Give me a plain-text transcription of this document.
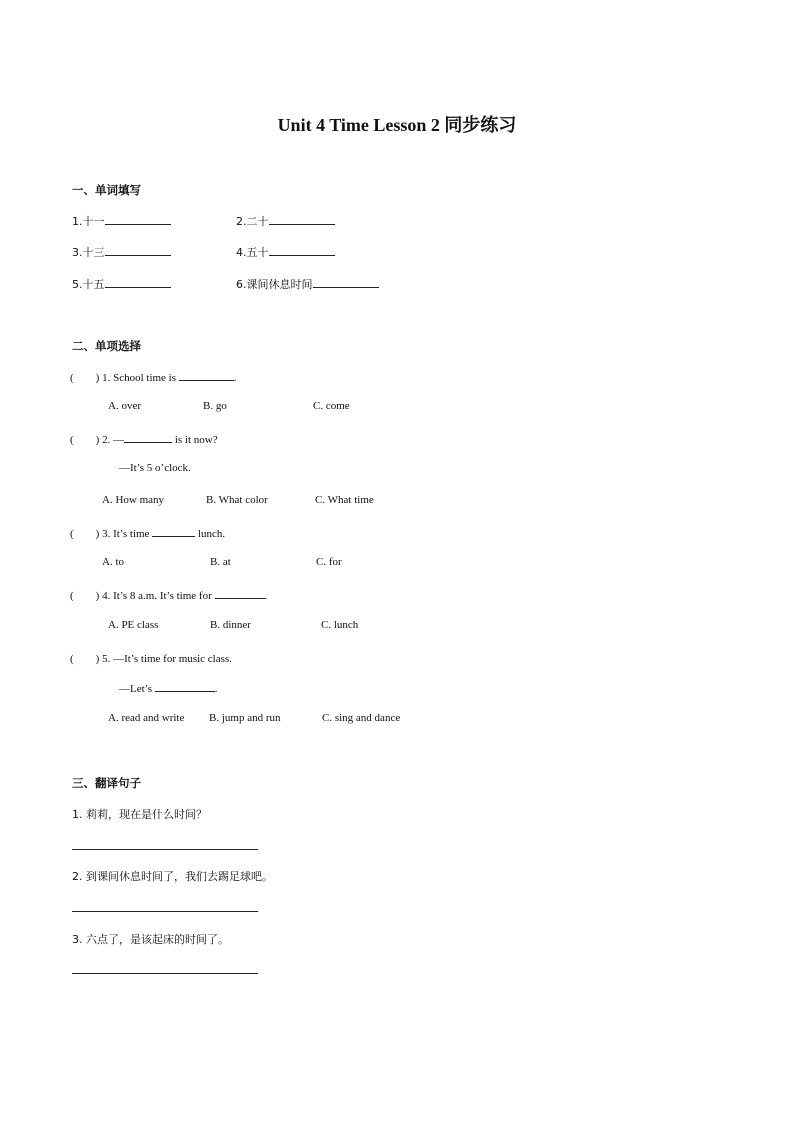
Unit 4 Time Lesson 2 同步练习
一、单词填写
1.十一	2.二十
3.十三	4.五十
5.十五	6.课间休息时间
二、单项选择
(　　) 1. School time is	.
A. over	B. go	C. come
(　　) 2. —	is it now?
—It’s 5 o’clock.
A. How many	B. What color	C. What time
(　　) 3. It’s time	lunch.
A. to	B. at	C. for
(　　) 4. It’s 8 a.m. It’s time for	.
A. PE class	B. dinner	C. lunch
(　　) 5. —It’s time for music class.
—Let’s	.
A. read and write B. jump and run	C. sing and dance
三、翻译句子
1. 莉莉，现在是什么时间？
2. 到课间休息时间了，我们去踢足球吧。
3. 六点了，是该起床的时间了。
